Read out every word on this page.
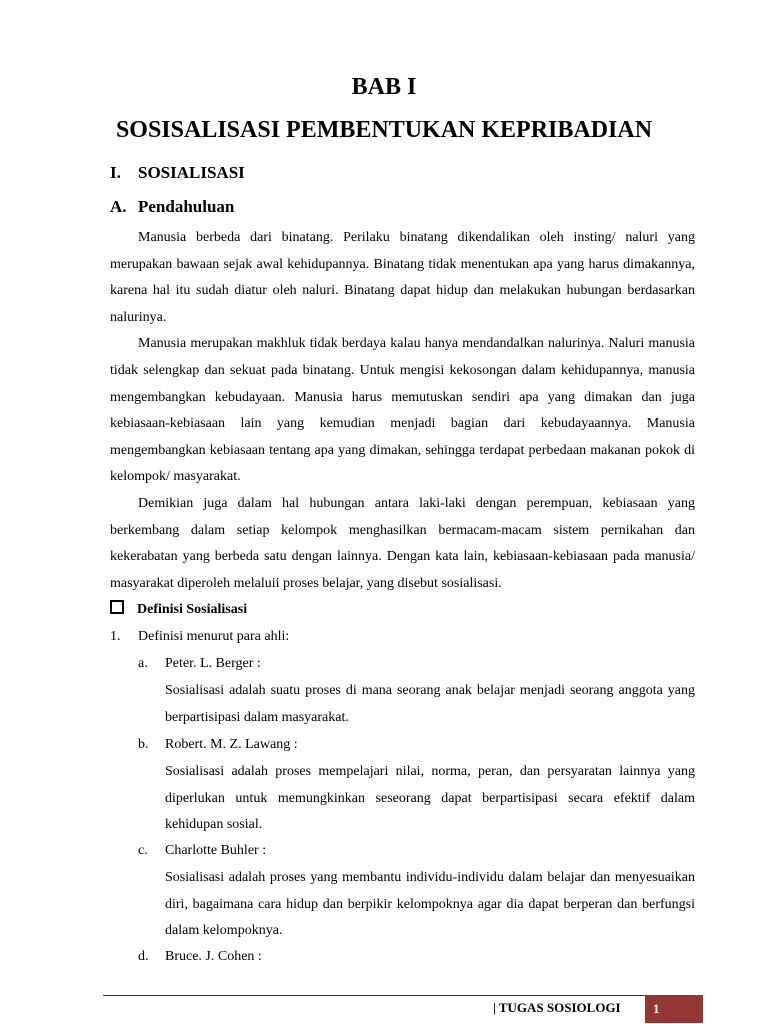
BAB I
SOSISALISASI PEMBENTUKAN KEPRIBADIAN
I. SOSIALISASI
A. Pendahuluan

Manusia berbeda dari binatang. Perilaku binatang dikendalikan oleh insting/ naluri yang merupakan bawaan sejak awal kehidupannya. Binatang tidak menentukan apa yang harus dimakannya, karena hal itu sudah diatur oleh naluri. Binatang dapat hidup dan melakukan hubungan berdasarkan nalurinya.

Manusia merupakan makhluk tidak berdaya kalau hanya mendandalkan nalurinya. Naluri manusia tidak selengkap dan sekuat pada binatang. Untuk mengisi kekosongan dalam kehidupannya, manusia mengembangkan kebudayaan. Manusia harus memutuskan sendiri apa yang dimakan dan juga kebiasaan-kebiasaan lain yang kemudian menjadi bagian dari kebudayaannya. Manusia mengembangkan kebiasaan tentang apa yang dimakan, sehingga terdapat perbedaan makanan pokok di kelompok/ masyarakat.

Demikian juga dalam hal hubungan antara laki-laki dengan perempuan, kebiasaan yang berkembang dalam setiap kelompok menghasilkan bermacam-macam sistem pernikahan dan kekerabatan yang berbeda satu dengan lainnya. Dengan kata lain, kebiasaan-kebiasaan pada manusia/ masyarakat diperoleh melaluii proses belajar, yang disebut sosialisasi.

Definisi Sosialisasi
1. Definisi menurut para ahli:
a. Peter. L. Berger :
Sosialisasi adalah suatu proses di mana seorang anak belajar menjadi seorang anggota yang berpartisipasi dalam masyarakat.
b. Robert. M. Z. Lawang :
Sosialisasi adalah proses mempelajari nilai, norma, peran, dan persyaratan lainnya yang diperlukan untuk memungkinkan seseorang dapat berpartisipasi secara efektif dalam kehidupan sosial.
c. Charlotte Buhler :
Sosialisasi adalah proses yang membantu individu-individu dalam belajar dan menyesuaikan diri, bagaimana cara hidup dan berpikir kelompoknya agar dia dapat berperan dan berfungsi dalam kelompoknya.
d. Bruce. J. Cohen :
| TUGAS SOSIOLOGI	1
